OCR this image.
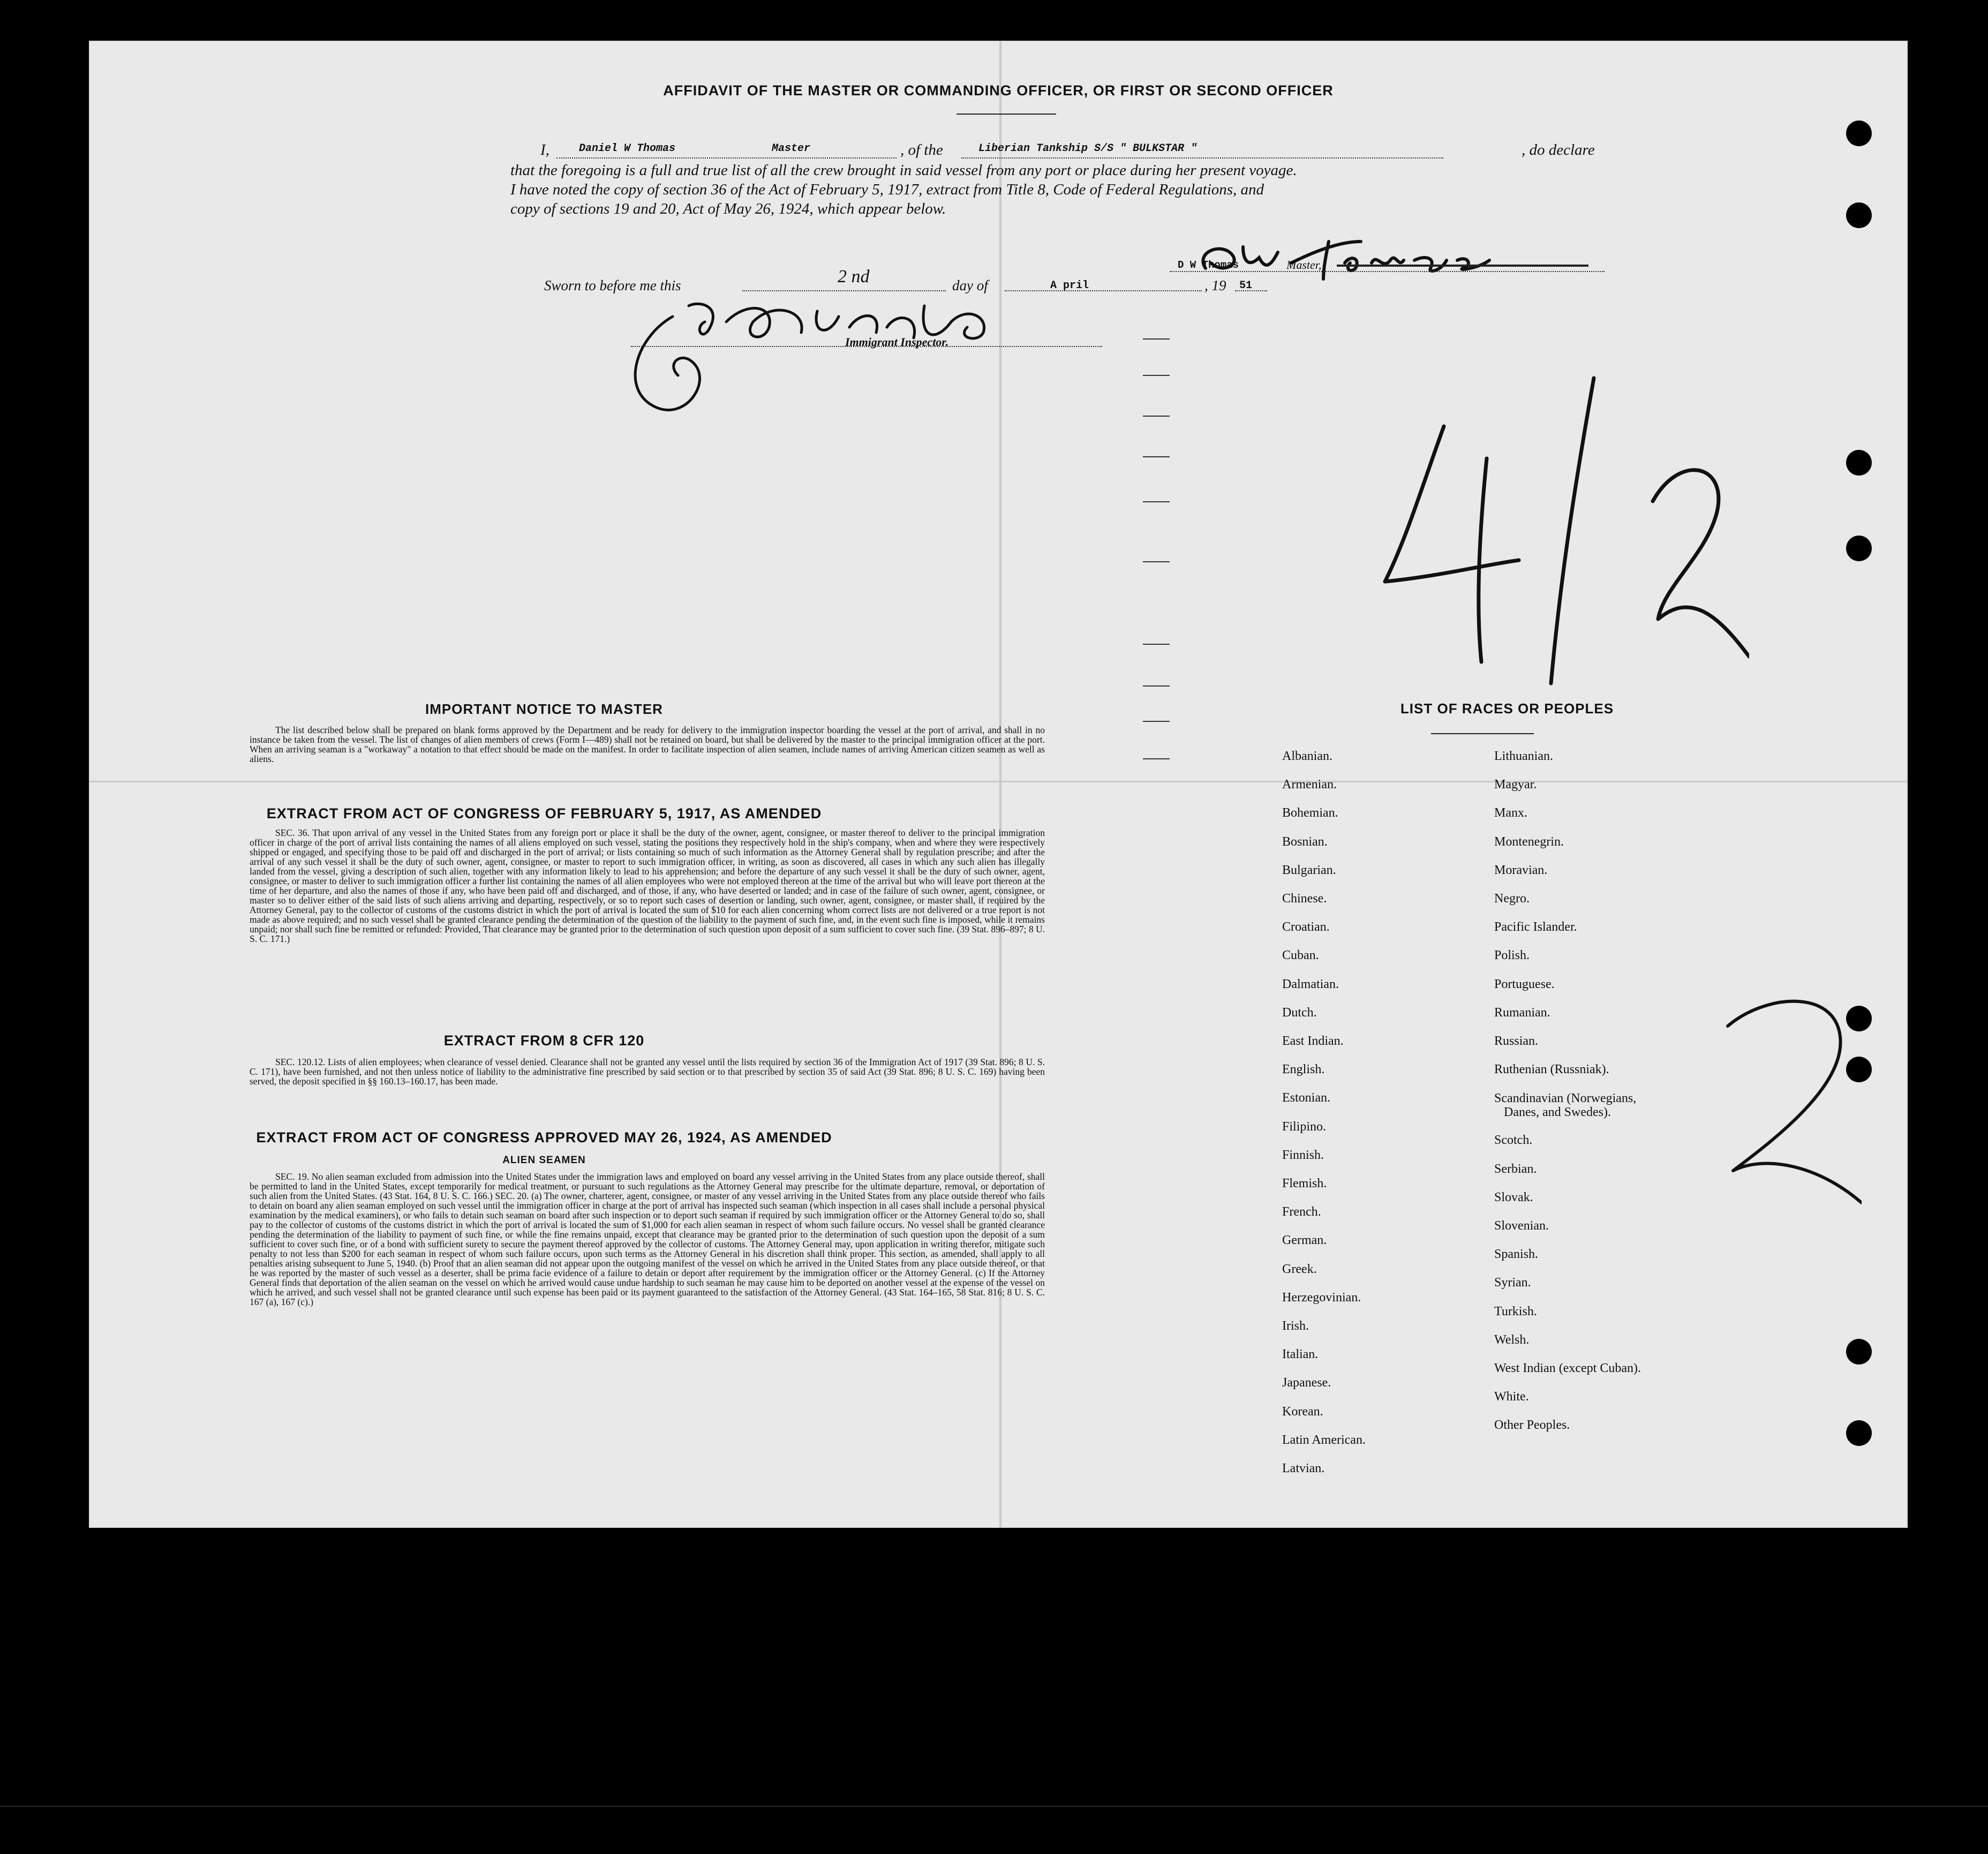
AFFIDAVIT OF THE MASTER OR COMMANDING OFFICER, OR FIRST OR SECOND OFFICER
I,	Daniel W Thomas	Master	, of the	Liberian Tankship S/S " BULKSTAR "	, do declare
that the foregoing is a full and true list of all the crew brought in said vessel from any port or place during her present voyage.
I have noted the copy of section 36 of the Act of February 5, 1917, extract from Title 8, Code of Federal Regulations, and
copy of sections 19 and 20, Act of May 26, 1924, which appear below.
D W Thomas	Master,
Sworn to before me this	2 nd	day of	A pril	, 19 51
Immigrant Inspector.
IMPORTANT NOTICE TO MASTER
The list described below shall be prepared on blank forms approved by the Department and be ready for delivery to the immigration inspector boarding the vessel at the port of arrival, and shall in no instance be taken from the vessel. The list of changes of alien members of crews (Form I—489) shall not be retained on board, but shall be delivered by the master to the principal immigration officer at the port. When an arriving seaman is a "workaway" a notation to that effect should be made on the manifest. In order to facilitate inspection of alien seamen, include names of arriving American citizen seamen as well as aliens.
EXTRACT FROM ACT OF CONGRESS OF FEBRUARY 5, 1917, AS AMENDED
SEC. 36. That upon arrival of any vessel in the United States from any foreign port or place it shall be the duty of the owner, agent, consignee, or master thereof to deliver to the principal immigration officer in charge of the port of arrival lists containing the names of all aliens employed on such vessel, stating the positions they respectively hold in the ship's company, when and where they were respectively shipped or engaged, and specifying those to be paid off and discharged in the port of arrival; or lists containing so much of such information as the Attorney General shall by regulation prescribe; and after the arrival of any such vessel it shall be the duty of such owner, agent, consignee, or master to report to such immigration officer, in writing, as soon as discovered, all cases in which any such alien has illegally landed from the vessel, giving a description of such alien, together with any information likely to lead to his apprehension; and before the departure of any such vessel it shall be the duty of such owner, agent, consignee, or master to deliver to such immigration officer a further list containing the names of all alien employees who were not employed thereon at the time of the arrival but who will leave port thereon at the time of her departure, and also the names of those if any, who have been paid off and discharged, and of those, if any, who have deserted or landed; and in case of the failure of such owner, agent, consignee, or master so to deliver either of the said lists of such aliens arriving and departing, respectively, or so to report such cases of desertion or landing, such owner, agent, consignee, or master shall, if required by the Attorney General, pay to the collector of customs of the customs district in which the port of arrival is located the sum of $10 for each alien concerning whom correct lists are not delivered or a true report is not made as above required; and no such vessel shall be granted clearance pending the determination of the question of the liability to the payment of such fine, and, in the event such fine is imposed, while it remains unpaid; nor shall such fine be remitted or refunded: Provided, That clearance may be granted prior to the determination of such question upon deposit of a sum sufficient to cover such fine. (39 Stat. 896–897; 8 U. S. C. 171.)
EXTRACT FROM 8 CFR 120
SEC. 120.12. Lists of alien employees; when clearance of vessel denied. Clearance shall not be granted any vessel until the lists required by section 36 of the Immigration Act of 1917 (39 Stat. 896; 8 U. S. C. 171), have been furnished, and not then unless notice of liability to the administrative fine prescribed by said section or to that prescribed by section 35 of said Act (39 Stat. 896; 8 U. S. C. 169) having been served, the deposit specified in §§ 160.13–160.17, has been made.
EXTRACT FROM ACT OF CONGRESS APPROVED MAY 26, 1924, AS AMENDED
ALIEN SEAMEN
SEC. 19. No alien seaman excluded from admission into the United States under the immigration laws and employed on board any vessel arriving in the United States from any place outside thereof, shall be permitted to land in the United States, except temporarily for medical treatment, or pursuant to such regulations as the Attorney General may prescribe for the ultimate departure, removal, or deportation of such alien from the United States. (43 Stat. 164, 8 U. S. C. 166.) SEC. 20. (a) The owner, charterer, agent, consignee, or master of any vessel arriving in the United States from any place outside thereof who fails to detain on board any alien seaman employed on such vessel until the immigration officer in charge at the port of arrival has inspected such seaman (which inspection in all cases shall include a personal physical examination by the medical examiners), or who fails to detain such seaman on board after such inspection or to deport such seaman if required by such immigration officer or the Attorney General to do so, shall pay to the collector of customs of the customs district in which the port of arrival is located the sum of $1,000 for each alien seaman in respect of whom such failure occurs. No vessel shall be granted clearance pending the determination of the liability to payment of such fine, or while the fine remains unpaid, except that clearance may be granted prior to the determination of such question upon the deposit of a sum sufficient to cover such fine, or of a bond with sufficient surety to secure the payment thereof approved by the collector of customs. The Attorney General may, upon application in writing therefor, mitigate such penalty to not less than $200 for each seaman in respect of whom such failure occurs, upon such terms as the Attorney General in his discretion shall think proper. This section, as amended, shall apply to all penalties arising subsequent to June 5, 1940. (b) Proof that an alien seaman did not appear upon the outgoing manifest of the vessel on which he arrived in the United States from any place outside thereof, or that he was reported by the master of such vessel as a deserter, shall be prima facie evidence of a failure to detain or deport after requirement by the immigration officer or the Attorney General. (c) If the Attorney General finds that deportation of the alien seaman on the vessel on which he arrived would cause undue hardship to such seaman he may cause him to be deported on another vessel at the expense of the vessel on which he arrived, and such vessel shall not be granted clearance until such expense has been paid or its payment guaranteed to the satisfaction of the Attorney General. (43 Stat. 164–165, 58 Stat. 816; 8 U. S. C. 167 (a), 167 (c).)
LIST OF RACES OR PEOPLES
Albanian.
Armenian.
Bohemian.
Bosnian.
Bulgarian.
Chinese.
Croatian.
Cuban.
Dalmatian.
Dutch.
East Indian.
English.
Estonian.
Filipino.
Finnish.
Flemish.
French.
German.
Greek.
Herzegovinian.
Irish.
Italian.
Japanese.
Korean.
Latin American.
Latvian.
Lithuanian.
Magyar.
Manx.
Montenegrin.
Moravian.
Negro.
Pacific Islander.
Polish.
Portuguese.
Rumanian.
Russian.
Ruthenian (Russniak).
Scandinavian (Norwegians,
Danes, and Swedes).
Scotch.
Serbian.
Slovak.
Slovenian.
Spanish.
Syrian.
Turkish.
Welsh.
West Indian (except Cuban).
White.
Other Peoples.
